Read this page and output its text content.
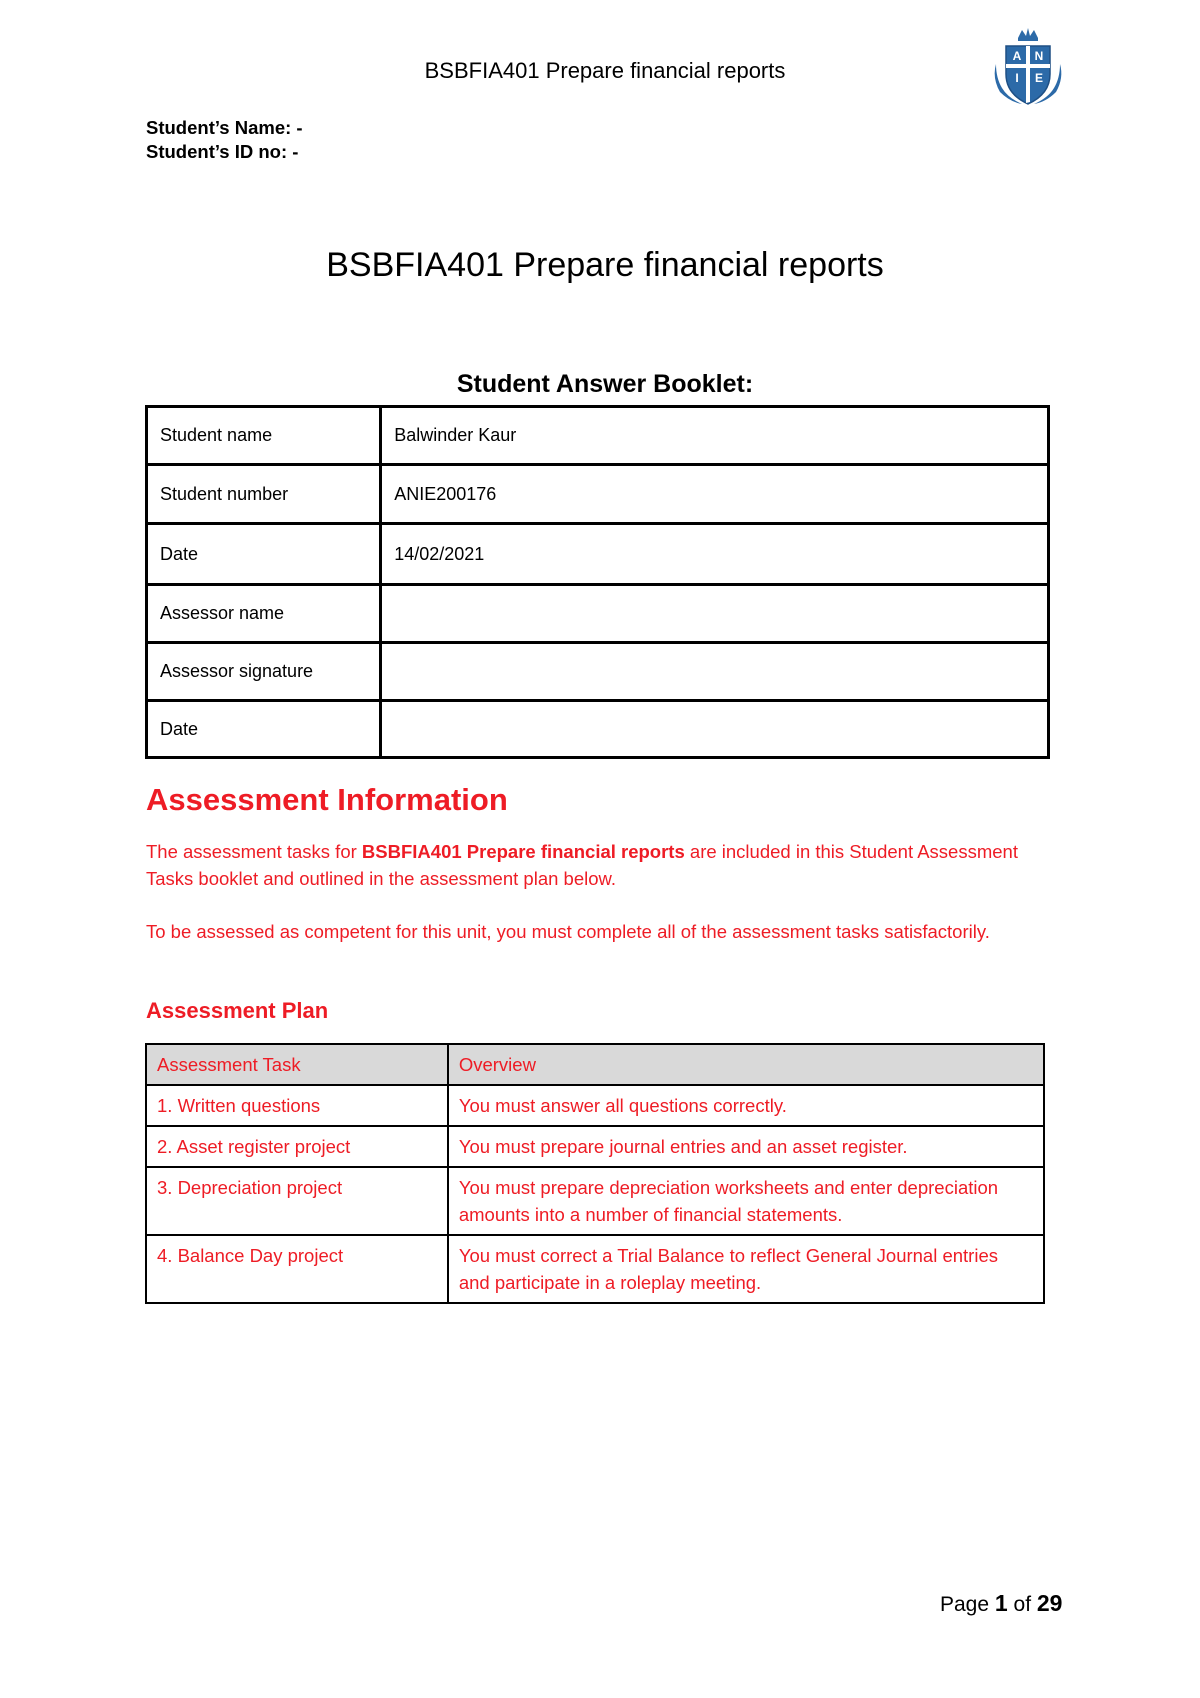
BSBFIA401 Prepare financial reports
A N
I E
Student’s Name: -
Student’s ID no: -
BSBFIA401 Prepare financial reports
Student Answer Booklet:
Student name	Balwinder Kaur
Student number	ANIE200176
Date	14/02/2021
Assessor name	
Assessor signature	
Date	
Assessment Information
The assessment tasks for BSBFIA401 Prepare financial reports are included in this Student Assessment Tasks booklet and outlined in the assessment plan below.
To be assessed as competent for this unit, you must complete all of the assessment tasks satisfactorily.
Assessment Plan
Assessment Task	Overview
1. Written questions	You must answer all questions correctly.
2. Asset register project	You must prepare journal entries and an asset register.
3. Depreciation project	You must prepare depreciation worksheets and enter depreciation amounts into a number of financial statements.
4. Balance Day project	You must correct a Trial Balance to reflect General Journal entries and participate in a roleplay meeting.
Page 1 of 29
